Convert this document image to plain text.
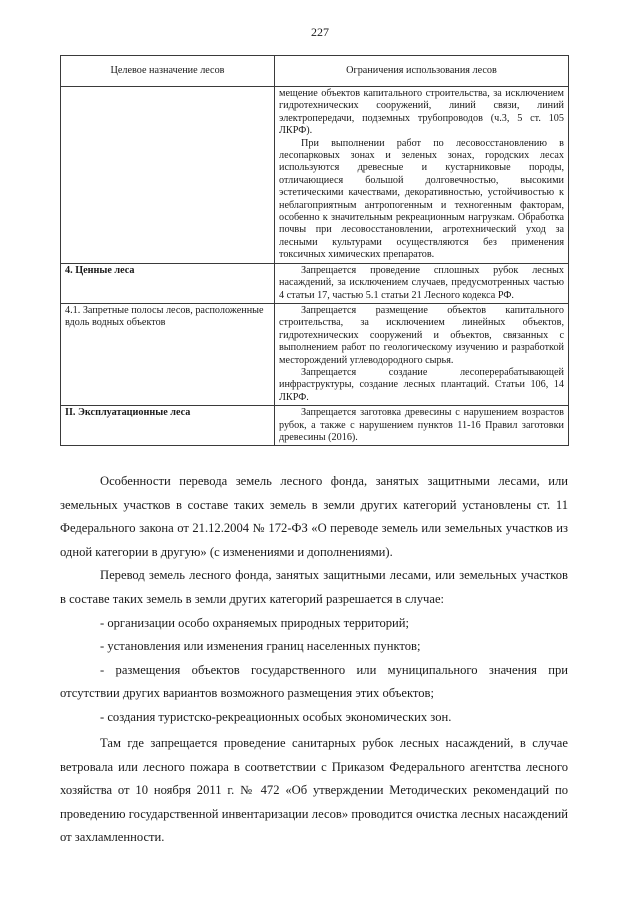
227
Целевое назначение лесов	Ограничения использования лесов

	мещение объектов капитального строительства, за исключением гидротехнических сооружений, линий связи, линий электропередачи, подземных трубопроводов (ч.3, 5 ст. 105 ЛКРФ).
При выполнении работ по лесовосстановлению в лесопарковых зонах и зеленых зонах, городских лесах используются древесные и кустарниковые породы, отличающиеся большой долговечностью, высокими эстетическими качествами, декоративностью, устойчивостью к неблагоприятным антропогенным и техногенным факторам, особенно к значительным рекреационным нагрузкам. Обработка почвы при лесовосстановлении, агротехнический уход за лесными культурами осуществляются без применения токсичных химических препаратов.

4. Ценные леса	Запрещается проведение сплошных рубок лесных насаждений, за исключением случаев, предусмотренных частью 4 статьи 17, частью 5.1 статьи 21 Лесного кодекса РФ.

4.1. Запретные полосы лесов, расположенные вдоль водных объектов	Запрещается размещение объектов капитального строительства, за исключением линейных объектов, гидротехнических сооружений и объектов, связанных с выполнением работ по геологическому изучению и разработкой месторождений углеводородного сырья.
Запрещается создание лесоперерабатывающей инфраструктуры, создание лесных плантаций. Статьи 106, 14 ЛКРФ.

II. Эксплуатационные леса	Запрещается заготовка древесины с нарушением возрастов рубок, а также с нарушением пунктов 11-16 Правил заготовки древесины (2016).

Особенности перевода земель лесного фонда, занятых защитными лесами, или земельных участков в составе таких земель в земли других категорий установлены ст. 11 Федерального закона от 21.12.2004 № 172-ФЗ «О переводе земель или земельных участков из одной категории в другую» (с изменениями и дополнениями).

Перевод земель лесного фонда, занятых защитными лесами, или земельных участков в составе таких земель в земли других категорий разрешается в случае:

- организации особо охраняемых природных территорий;

- установления или изменения границ населенных пунктов;

- размещения объектов государственного или муниципального значения при отсутствии других вариантов возможного размещения этих объектов;

- создания туристско-рекреационных особых экономических зон.

Там где запрещается проведение санитарных рубок лесных насаждений, в случае ветровала или лесного пожара в соответствии с Приказом Федерального агентства лесного хозяйства от 10 ноября 2011 г. № 472 «Об утверждении Методических рекомендаций по проведению государственной инвентаризации лесов» проводится очистка лесных насаждений от захламленности.
